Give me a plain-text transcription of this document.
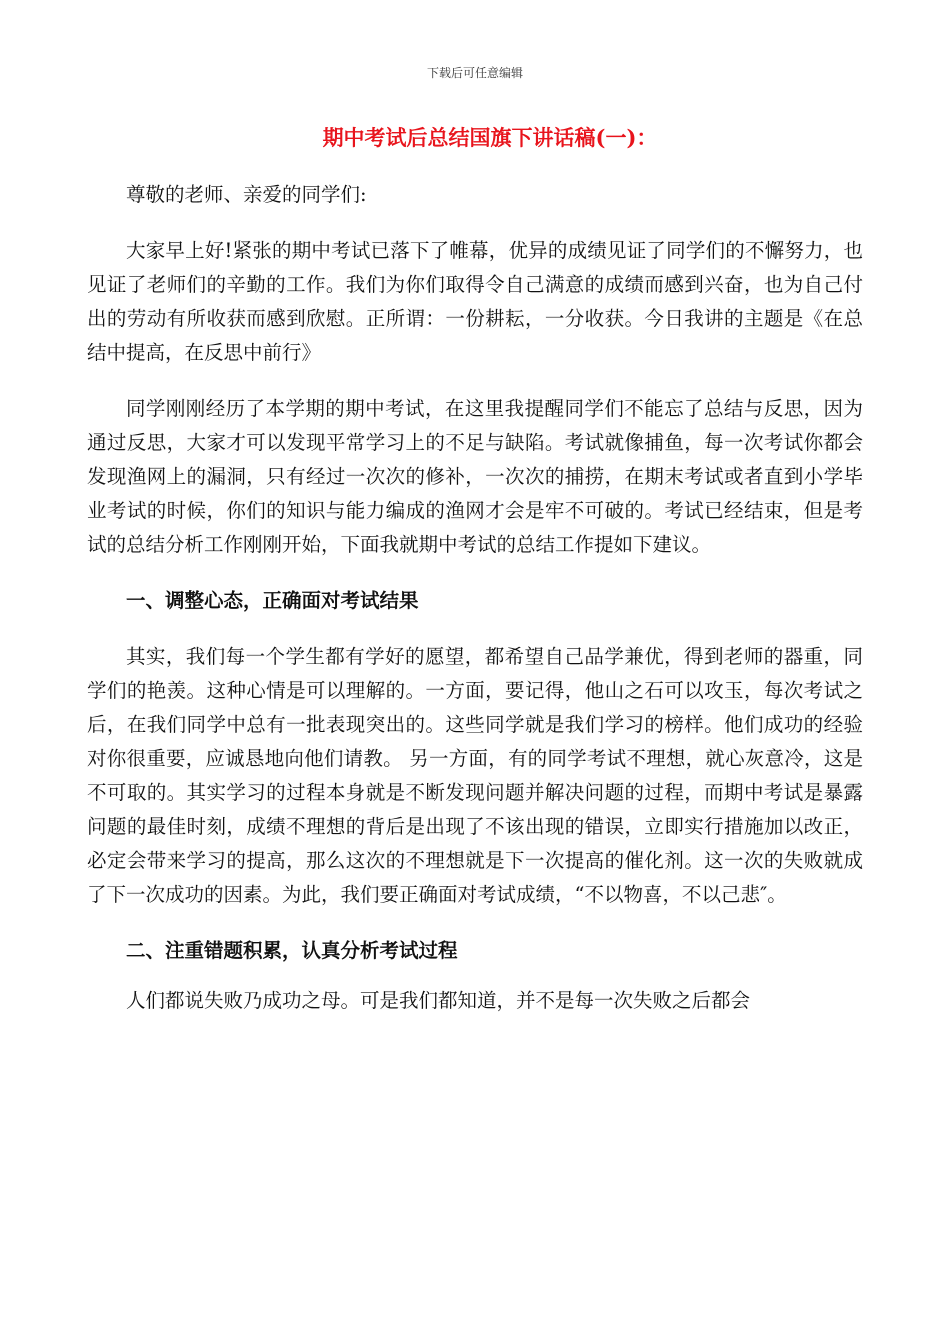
下载后可任意编辑
期中考试后总结国旗下讲话稿(一)：

尊敬的老师、亲爱的同学们:

大家早上好!紧张的期中考试已落下了帷幕，优异的成绩见证了同学们的不懈努力，也见证了老师们的辛勤的工作。我们为你们取得令自己满意的成绩而感到兴奋，也为自己付出的劳动有所收获而感到欣慰。正所谓：一份耕耘，一分收获。今日我讲的主题是《在总结中提高，在反思中前行》

同学刚刚经历了本学期的期中考试，在这里我提醒同学们不能忘了总结与反思，因为通过反思，大家才可以发现平常学习上的不足与缺陷。考试就像捕鱼，每一次考试你都会发现渔网上的漏洞，只有经过一次次的修补，一次次的捕捞，在期末考试或者直到小学毕业考试的时候，你们的知识与能力编成的渔网才会是牢不可破的。考试已经结束，但是考试的总结分析工作刚刚开始，下面我就期中考试的总结工作提如下建议。

一、调整心态，正确面对考试结果

其实，我们每一个学生都有学好的愿望，都希望自己品学兼优，得到老师的器重，同学们的艳羡。这种心情是可以理解的。一方面，要记得，他山之石可以攻玉，每次考试之后，在我们同学中总有一批表现突出的。这些同学就是我们学习的榜样。他们成功的经验对你很重要，应诚恳地向他们请教。 另一方面，有的同学考试不理想，就心灰意冷，这是不可取的。其实学习的过程本身就是不断发现问题并解决问题的过程，而期中考试是暴露问题的最佳时刻，成绩不理想的背后是出现了不该出现的错误，立即实行措施加以改正，必定会带来学习的提高，那么这次的不理想就是下一次提高的催化剂。这一次的失败就成了下一次成功的因素。为此，我们要正确面对考试成绩，“不以物喜，不以己悲″。

二、注重错题积累，认真分析考试过程

人们都说失败乃成功之母。可是我们都知道，并不是每一次失败之后都会
